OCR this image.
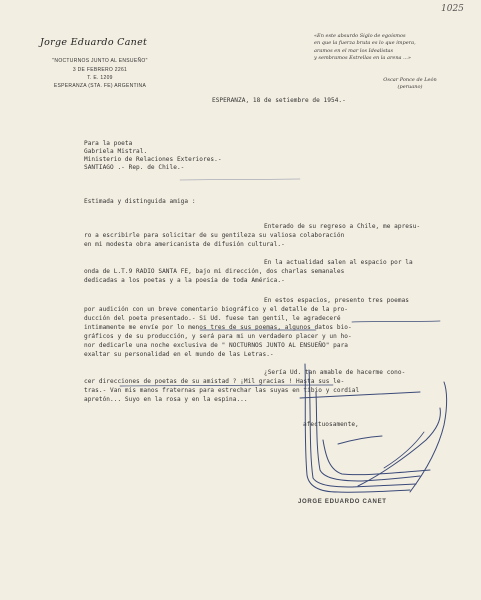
1025
Jorge Eduardo Canet
"NOCTURNOS JUNTO AL ENSUEÑO"
3 DE FEBRERO 2261
T. E. 1209
ESPERANZA (STA. FE) ARGENTINA
«En este absurdo Siglo de egoísmos
en que la fuerza bruta es lo que impera,
aramos en el mar los Idealistas
y sembramos Estrellas en la arena ...»
Oscar Ponce de León
(peruano)
ESPERANZA, 18 de setiembre de 1954.-
Para la poeta
Gabriela Mistral.
Ministerio de Relaciones Exteriores.-
SANTIAGO .- Rep. de Chile.-
Estimada y distinguida amiga :
Enterado de su regreso a Chile, me apresu-
ro a escribirle para solicitar de su gentileza su valiosa colaboración
en mi modesta obra americanista de difusión cultural.-
En la actualidad salen al espacio por la
onda de L.T.9 RADIO SANTA FE, bajo mi dirección, dos charlas semanales
dedicadas a los poetas y a la poesía de toda América.-
En estos espacios, presento tres poemas
por audición con un breve comentario biográfico y el detalle de la pro-
ducción del poeta presentado.- Si Ud. fuese tan gentil, le agradeceré
intimamente me envíe por lo menos tres de sus poemas, algunos datos bio-
gráficos y de su producción, y será para mi un verdadero placer y un ho-
nor dedicarle una noche exclusiva de " NOCTURNOS JUNTO AL ENSUEÑO" para
exaltar su personalidad en el mundo de las Letras.-
¿Sería Ud. tan amable de hacerme cono-
cer direcciones de poetas de su amistad ? ¡Mil gracias ! Hasta sus le-
tras.- Van mis manos fraternas para estrechar las suyas en tibio y cordial
apretón... Suyo en la rosa y en la espina...
afectuosamente,
JORGE EDUARDO CANET
